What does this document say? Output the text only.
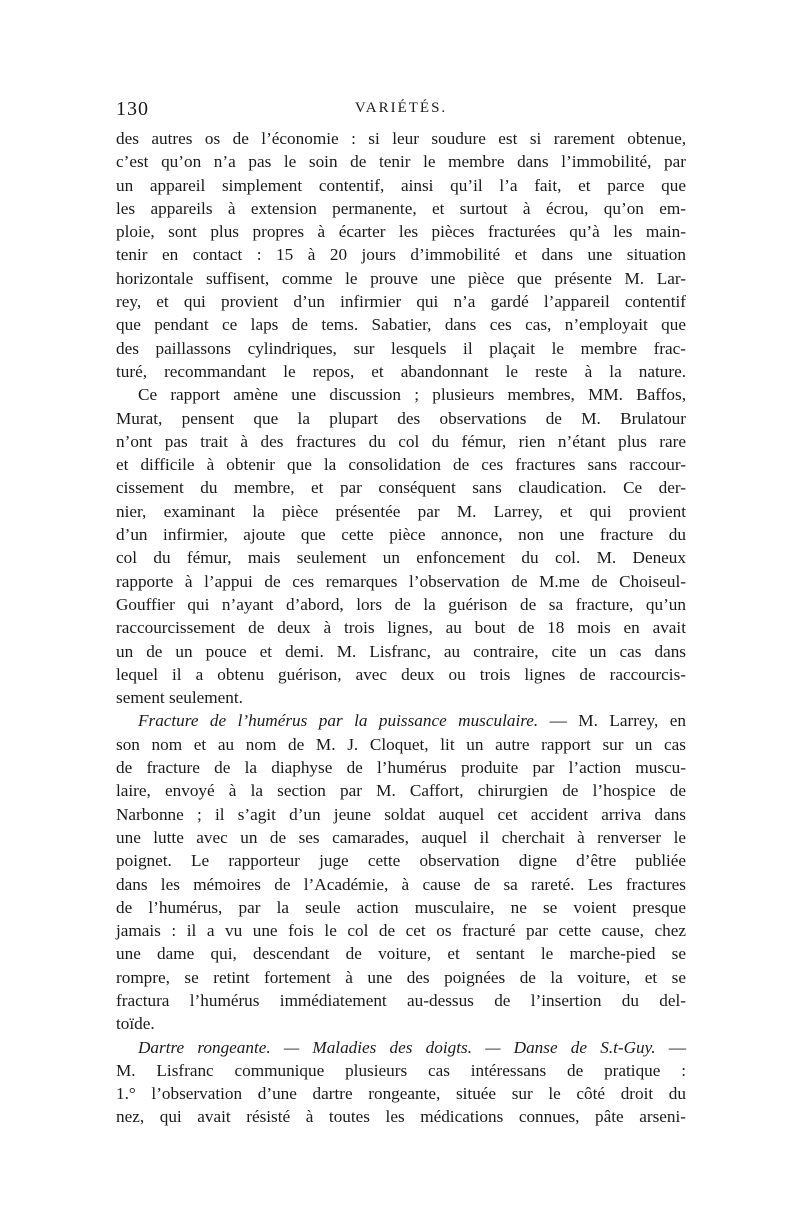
130	VARIÉTÉS.
des autres os de l’économie : si leur soudure est si rarement obtenue,
c’est qu’on n’a pas le soin de tenir le membre dans l’immobilité, par
un appareil simplement contentif, ainsi qu’il l’a fait, et parce que
les appareils à extension permanente, et surtout à écrou, qu’on em-
ploie, sont plus propres à écarter les pièces fracturées qu’à les main-
tenir en contact : 15 à 20 jours d’immobilité et dans une situation
horizontale suffisent, comme le prouve une pièce que présente M. Lar-
rey, et qui provient d’un infirmier qui n’a gardé l’appareil contentif
que pendant ce laps de tems. Sabatier, dans ces cas, n’employait que
des paillassons cylindriques, sur lesquels il plaçait le membre frac-
turé, recommandant le repos, et abandonnant le reste à la nature.
Ce rapport amène une discussion ; plusieurs membres, MM. Baffos,
Murat, pensent que la plupart des observations de M. Brulatour
n’ont pas trait à des fractures du col du fémur, rien n’étant plus rare
et difficile à obtenir que la consolidation de ces fractures sans raccour-
cissement du membre, et par conséquent sans claudication. Ce der-
nier, examinant la pièce présentée par M. Larrey, et qui provient
d’un infirmier, ajoute que cette pièce annonce, non une fracture du
col du fémur, mais seulement un enfoncement du col. M. Deneux
rapporte à l’appui de ces remarques l’observation de M.me de Choiseul-
Gouffier qui n’ayant d’abord, lors de la guérison de sa fracture, qu’un
raccourcissement de deux à trois lignes, au bout de 18 mois en avait
un de un pouce et demi. M. Lisfranc, au contraire, cite un cas dans
lequel il a obtenu guérison, avec deux ou trois lignes de raccourcis-
sement seulement.
Fracture de l’humérus par la puissance musculaire. — M. Larrey, en
son nom et au nom de M. J. Cloquet, lit un autre rapport sur un cas
de fracture de la diaphyse de l’humérus produite par l’action muscu-
laire, envoyé à la section par M. Caffort, chirurgien de l’hospice de
Narbonne ; il s’agit d’un jeune soldat auquel cet accident arriva dans
une lutte avec un de ses camarades, auquel il cherchait à renverser le
poignet. Le rapporteur juge cette observation digne d’être publiée
dans les mémoires de l’Académie, à cause de sa rareté. Les fractures
de l’humérus, par la seule action musculaire, ne se voient presque
jamais : il a vu une fois le col de cet os fracturé par cette cause, chez
une dame qui, descendant de voiture, et sentant le marche-pied se
rompre, se retint fortement à une des poignées de la voiture, et se
fractura l’humérus immédiatement au-dessus de l’insertion du del-
toïde.
Dartre rongeante. — Maladies des doigts. — Danse de S.t-Guy. —
M. Lisfranc communique plusieurs cas intéressans de pratique :
1.° l’observation d’une dartre rongeante, située sur le côté droit du
nez, qui avait résisté à toutes les médications connues, pâte arseni-
